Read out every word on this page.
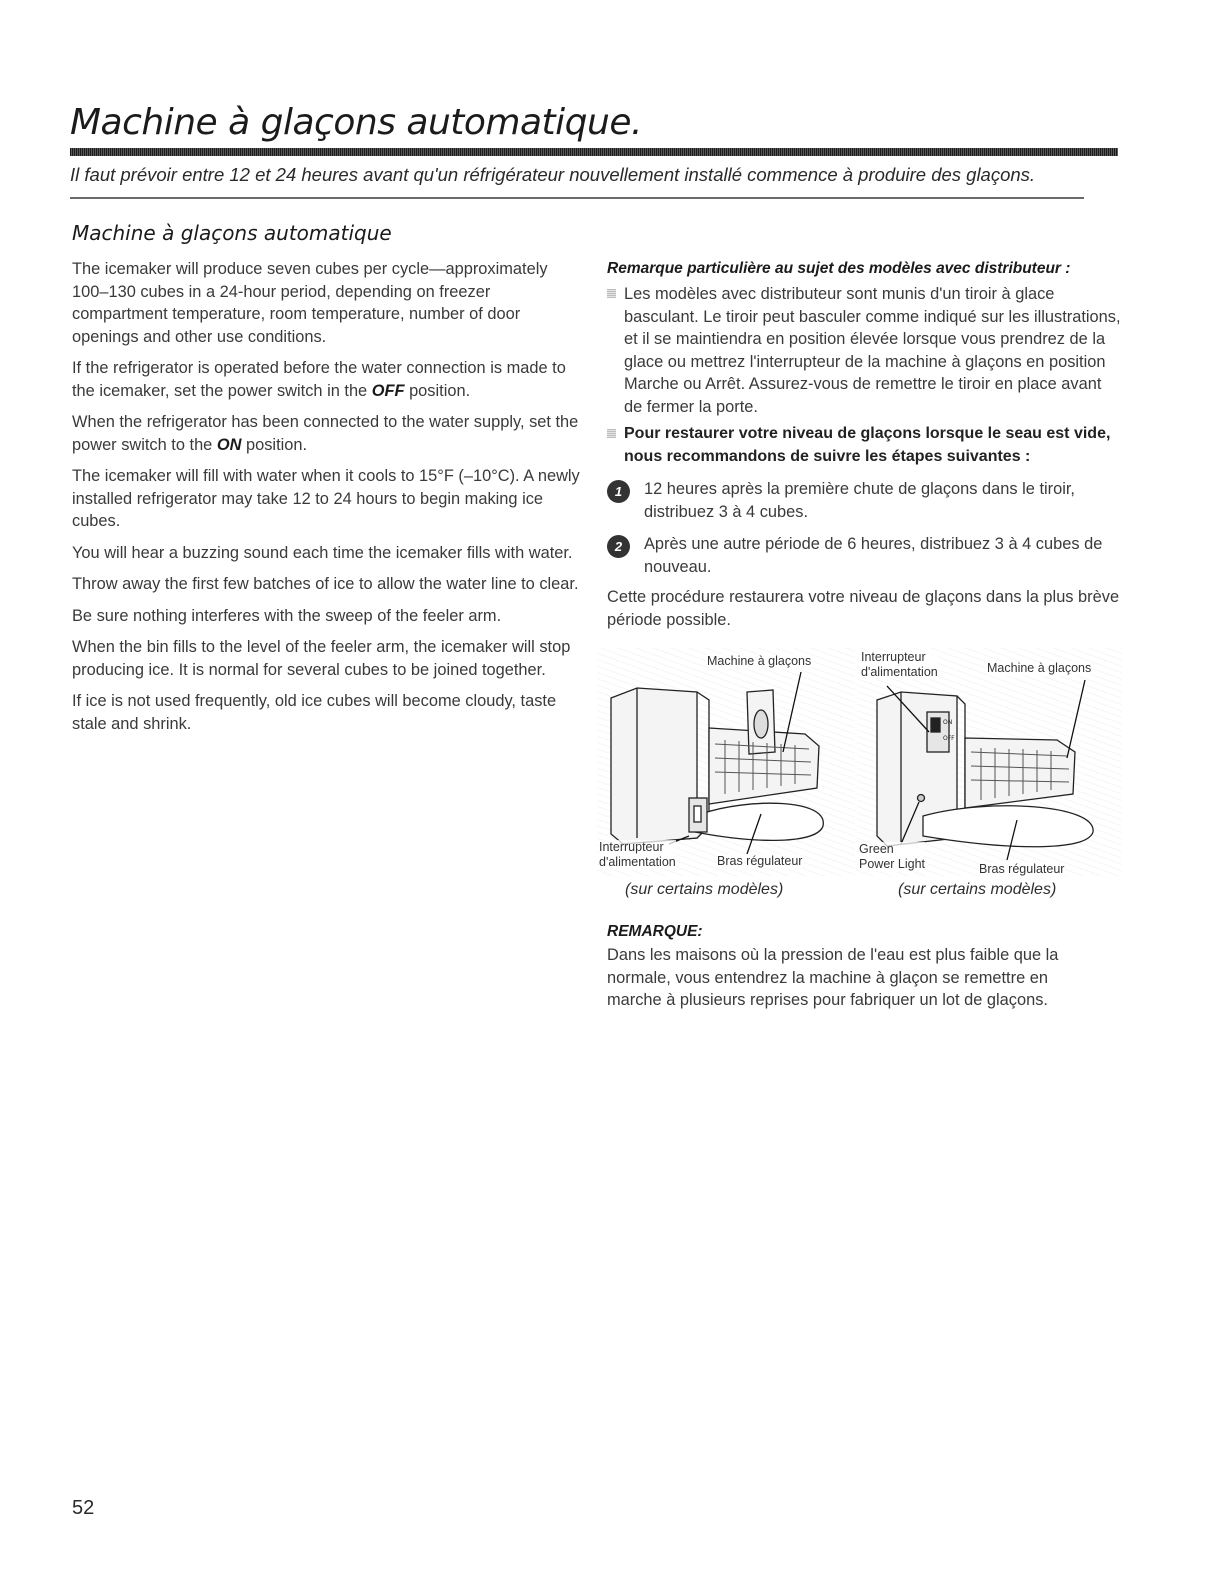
Machine à glaçons automatique.

Il faut prévoir entre 12 et 24 heures avant qu'un réfrigérateur nouvellement installé commence à produire des glaçons.

Machine à glaçons automatique

The icemaker will produce seven cubes per cycle—approximately 100–130 cubes in a 24-hour period, depending on freezer compartment temperature, room temperature, number of door openings and other use conditions.

If the refrigerator is operated before the water connection is made to the icemaker, set the power switch in the OFF position.

When the refrigerator has been connected to the water supply, set the power switch to the ON position.

The icemaker will fill with water when it cools to 15°F (–10°C). A newly installed refrigerator may take 12 to 24 hours to begin making ice cubes.

You will hear a buzzing sound each time the icemaker fills with water.

Throw away the first few batches of ice to allow the water line to clear.

Be sure nothing interferes with the sweep of the feeler arm.

When the bin fills to the level of the feeler arm, the icemaker will stop producing ice. It is normal for several cubes to be joined together.

If ice is not used frequently, old ice cubes will become cloudy, taste stale and shrink.

Remarque particulière au sujet des modèles avec distributeur :

Les modèles avec distributeur sont munis d'un tiroir à glace basculant. Le tiroir peut basculer comme indiqué sur les illustrations, et il se maintiendra en position élevée lorsque vous prendrez de la glace ou mettrez l'interrupteur de la machine à glaçons en position Marche ou Arrêt. Assurez-vous de remettre le tiroir en place avant de fermer la porte.
Pour restaurer votre niveau de glaçons lorsque le seau est vide, nous recommandons de suivre les étapes suivantes :
1	12 heures après la première chute de glaçons dans le tiroir, distribuez 3 à 4 cubes.
2	Après une autre période de 6 heures, distribuez 3 à 4 cubes de nouveau.

Cette procédure restaurera votre niveau de glaçons dans la plus brève période possible.

Machine à glaçons
Interrupteur
d'alimentation	Bras régulateur
(sur certains modèles)
ON
OFF
Interrupteur
d'alimentation	Machine à glaçons
Green
Power Light	Bras régulateur
(sur certains modèles)

REMARQUE:

Dans les maisons où la pression de l'eau est plus faible que la normale, vous entendrez la machine à glaçon se remettre en marche à plusieurs reprises pour fabriquer un lot de glaçons.

52
